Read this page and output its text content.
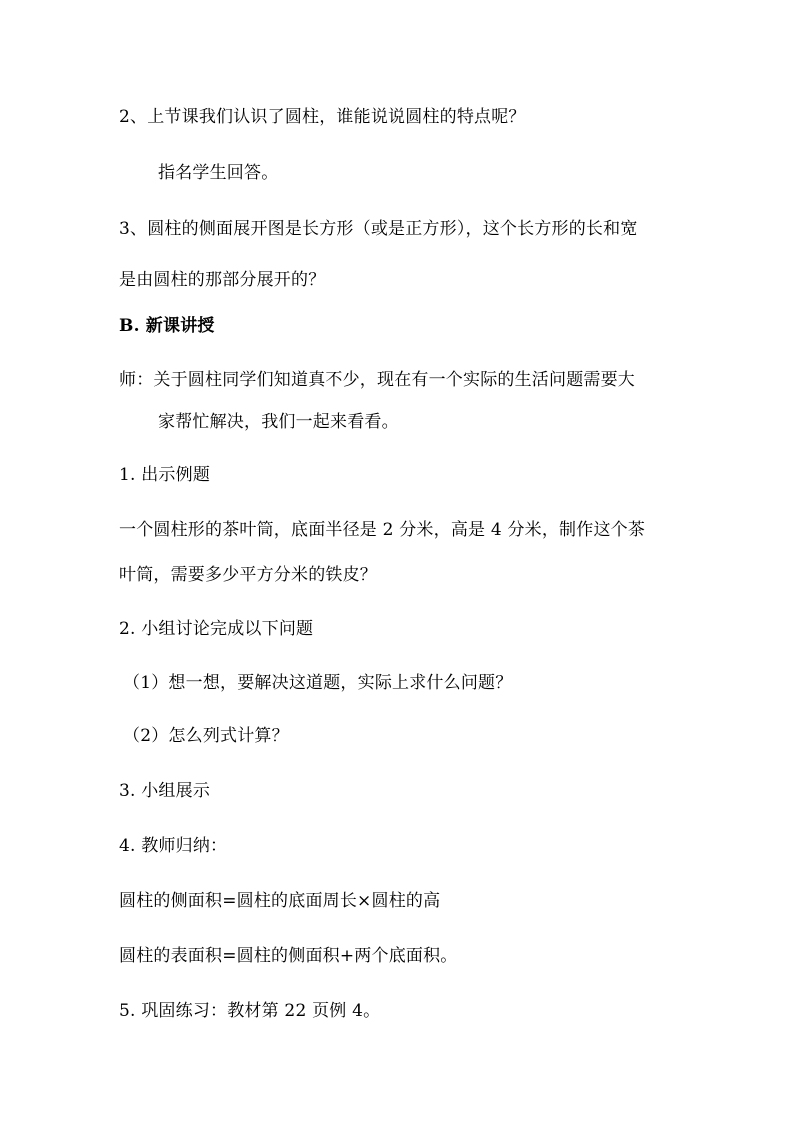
2、上节课我们认识了圆柱，谁能说说圆柱的特点呢？
指名学生回答。
3、圆柱的侧面展开图是长方形（或是正方形），这个长方形的长和宽
是由圆柱的那部分展开的？
B. 新课讲授
师：关于圆柱同学们知道真不少，现在有一个实际的生活问题需要大
家帮忙解决，我们一起来看看。
1. 出示例题
一个圆柱形的茶叶筒，底面半径是 2 分米，高是 4 分米，制作这个茶
叶筒，需要多少平方分米的铁皮？
2. 小组讨论完成以下问题
（1）想一想，要解决这道题，实际上求什么问题？
（2）怎么列式计算？
3. 小组展示
4. 教师归纳：
圆柱的侧面积=圆柱的底面周长×圆柱的高
圆柱的表面积=圆柱的侧面积+两个底面积。
5. 巩固练习：教材第 22 页例 4。
